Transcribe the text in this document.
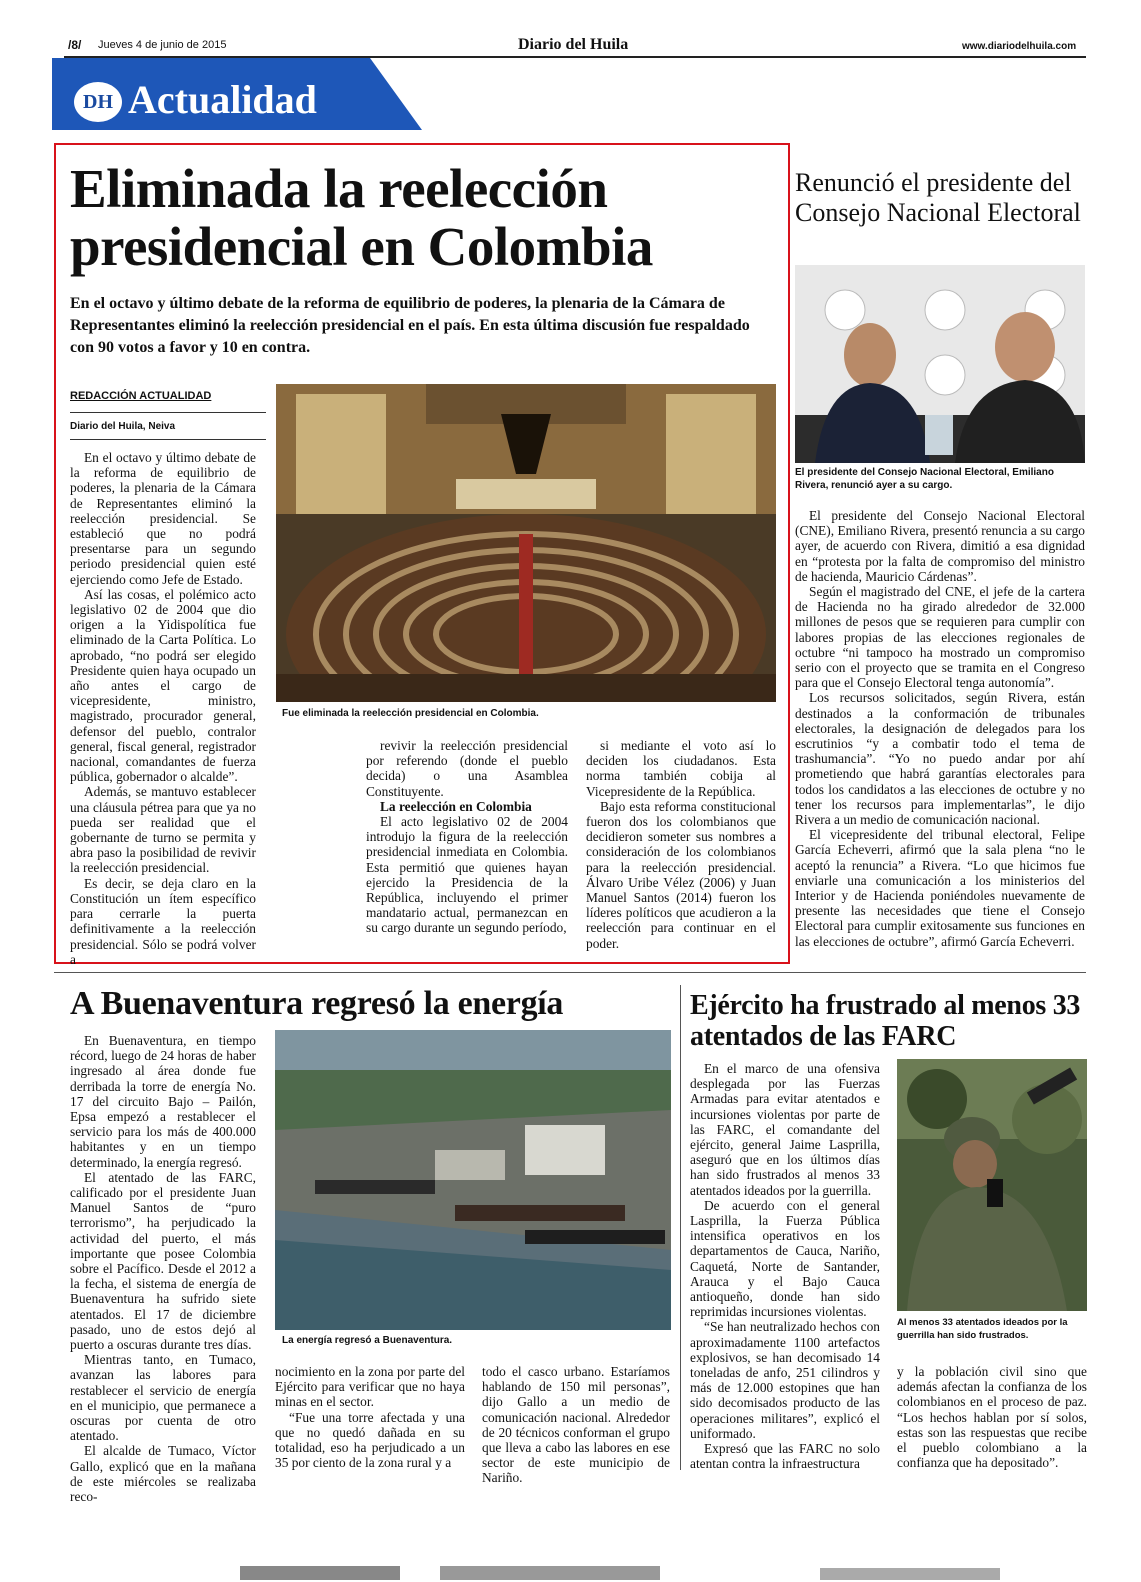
/8/ Jueves 4 de junio de 2015	Diario del Huila	www.diariodelhuila.com
DH Actualidad
Eliminada la reelección presidencial en Colombia
En el octavo y último debate de la reforma de equilibrio de poderes, la plenaria de la Cámara de Representantes eliminó la reelección presidencial en el país. En esta última discusión fue respaldado con 90 votos a favor y 10 en contra.
REDACCIÓN ACTUALIDAD
Diario del Huila, Neiva

En el octavo y último debate de la reforma de equilibrio de poderes, la plenaria de la Cámara de Representantes eliminó la reelección presidencial. Se estableció que no podrá presentarse para un segundo periodo presidencial quien esté ejerciendo como Jefe de Estado.

Así las cosas, el polémico acto legislativo 02 de 2004 que dio origen a la Yidispolítica fue eliminado de la Carta Política. Lo aprobado, “no podrá ser elegido Presidente quien haya ocupado un año antes el cargo de vicepresidente, ministro, magistrado, procurador general, defensor del pueblo, contralor general, fiscal general, registrador nacional, comandantes de fuerza pública, gobernador o alcalde”.

Además, se mantuvo establecer una cláusula pétrea para que ya no pueda ser realidad que el gobernante de turno se permita y abra paso la posibilidad de revivir la reelección presidencial.

Es decir, se deja claro en la Constitución un ítem específico para cerrarle la puerta definitivamente a la reelección presidencial. Sólo se podrá volver a

Fue eliminada la reelección presidencial en Colombia.

revivir la reelección presidencial por referendo (donde el pueblo decida) o una Asamblea Constituyente.

La reelección en Colombia

El acto legislativo 02 de 2004 introdujo la figura de la reelección presidencial inmediata en Colombia. Esta permitió que quienes hayan ejercido la Presidencia de la República, incluyendo el primer mandatario actual, permanezcan en su cargo durante un segundo período,

si mediante el voto así lo deciden los ciudadanos. Esta norma también cobija al Vicepresidente de la República.

Bajo esta reforma constitucional fueron dos los colombianos que decidieron someter sus nombres a consideración de los colombianos para la reelección presidencial. Álvaro Uribe Vélez (2006) y Juan Manuel Santos (2014) fueron los líderes políticos que acudieron a la reelección para continuar en el poder.

Renunció el presidente del Consejo Nacional Electoral
El presidente del Consejo Nacional Electoral, Emiliano Rivera, renunció ayer a su cargo.

El presidente del Consejo Nacional Electoral (CNE), Emiliano Rivera, presentó renuncia a su cargo ayer, de acuerdo con Rivera, dimitió a esa dignidad en “protesta por la falta de compromiso del ministro de hacienda, Mauricio Cárdenas”.

Según el magistrado del CNE, el jefe de la cartera de Hacienda no ha girado alrededor de 32.000 millones de pesos que se requieren para cumplir con labores propias de las elecciones regionales de octubre “ni tampoco ha mostrado un compromiso serio con el proyecto que se tramita en el Congreso para que el Consejo Electoral tenga autonomía”.

Los recursos solicitados, según Rivera, están destinados a la conformación de tribunales electorales, la designación de delegados para los escrutinios “y a combatir todo el tema de trashumancia”. “Yo no puedo andar por ahí prometiendo que habrá garantías electorales para todos los candidatos a las elecciones de octubre y no tener los recursos para implementarlas”, le dijo Rivera a un medio de comunicación nacional.

El vicepresidente del tribunal electoral, Felipe García Echeverri, afirmó que la sala plena “no le aceptó la renuncia” a Rivera. “Lo que hicimos fue enviarle una comunicación a los ministerios del Interior y de Hacienda poniéndoles nuevamente de presente las necesidades que tiene el Consejo Electoral para cumplir exitosamente sus funciones en las elecciones de octubre”, afirmó García Echeverri.

A Buenaventura regresó la energía

En Buenaventura, en tiempo récord, luego de 24 horas de haber ingresado al área donde fue derribada la torre de energía No. 17 del circuito Bajo – Pailón, Epsa empezó a restablecer el servicio para los más de 400.000 habitantes y en un tiempo determinado, la energía regresó.

El atentado de las FARC, calificado por el presidente Juan Manuel Santos de “puro terrorismo”, ha perjudicado la actividad del puerto, el más importante que posee Colombia sobre el Pacífico. Desde el 2012 a la fecha, el sistema de energía de Buenaventura ha sufrido siete atentados. El 17 de diciembre pasado, uno de estos dejó al puerto a oscuras durante tres días.

Mientras tanto, en Tumaco, avanzan las labores para restablecer el servicio de energía en el municipio, que permanece a oscuras por cuenta de otro atentado.

El alcalde de Tumaco, Víctor Gallo, explicó que en la mañana de este miércoles se realizaba reco-

La energía regresó a Buenaventura.

nocimiento en la zona por parte del Ejército para verificar que no haya minas en el sector.

“Fue una torre afectada y una que no quedó dañada en su totalidad, eso ha perjudicado a un 35 por ciento de la zona rural y a

todo el casco urbano. Estaríamos hablando de 150 mil personas”, dijo Gallo a un medio de comunicación nacional. Alrededor de 20 técnicos conforman el grupo que lleva a cabo las labores en ese sector de este municipio de Nariño.

Ejército ha frustrado al menos 33 atentados de las FARC

En el marco de una ofensiva desplegada por las Fuerzas Armadas para evitar atentados e incursiones violentas por parte de las FARC, el comandante del ejército, general Jaime Lasprilla, aseguró que en los últimos días han sido frustrados al menos 33 atentados ideados por la guerrilla.

De acuerdo con el general Lasprilla, la Fuerza Pública intensifica operativos en los departamentos de Cauca, Nariño, Caquetá, Norte de Santander, Arauca y el Bajo Cauca antioqueño, donde han sido reprimidas incursiones violentas.

“Se han neutralizado hechos con aproximadamente 1100 artefactos explosivos, se han decomisado 14 toneladas de anfo, 251 cilindros y más de 12.000 estopines que han sido decomisados producto de las operaciones militares”, explicó el uniformado.

Expresó que las FARC no solo atentan contra la infraestructura

Al menos 33 atentados ideados por la guerrilla han sido frustrados.

y la población civil sino que además afectan la confianza de los colombianos en el proceso de paz. “Los hechos hablan por sí solos, estas son las respuestas que recibe el pueblo colombiano a la confianza que ha depositado”.
